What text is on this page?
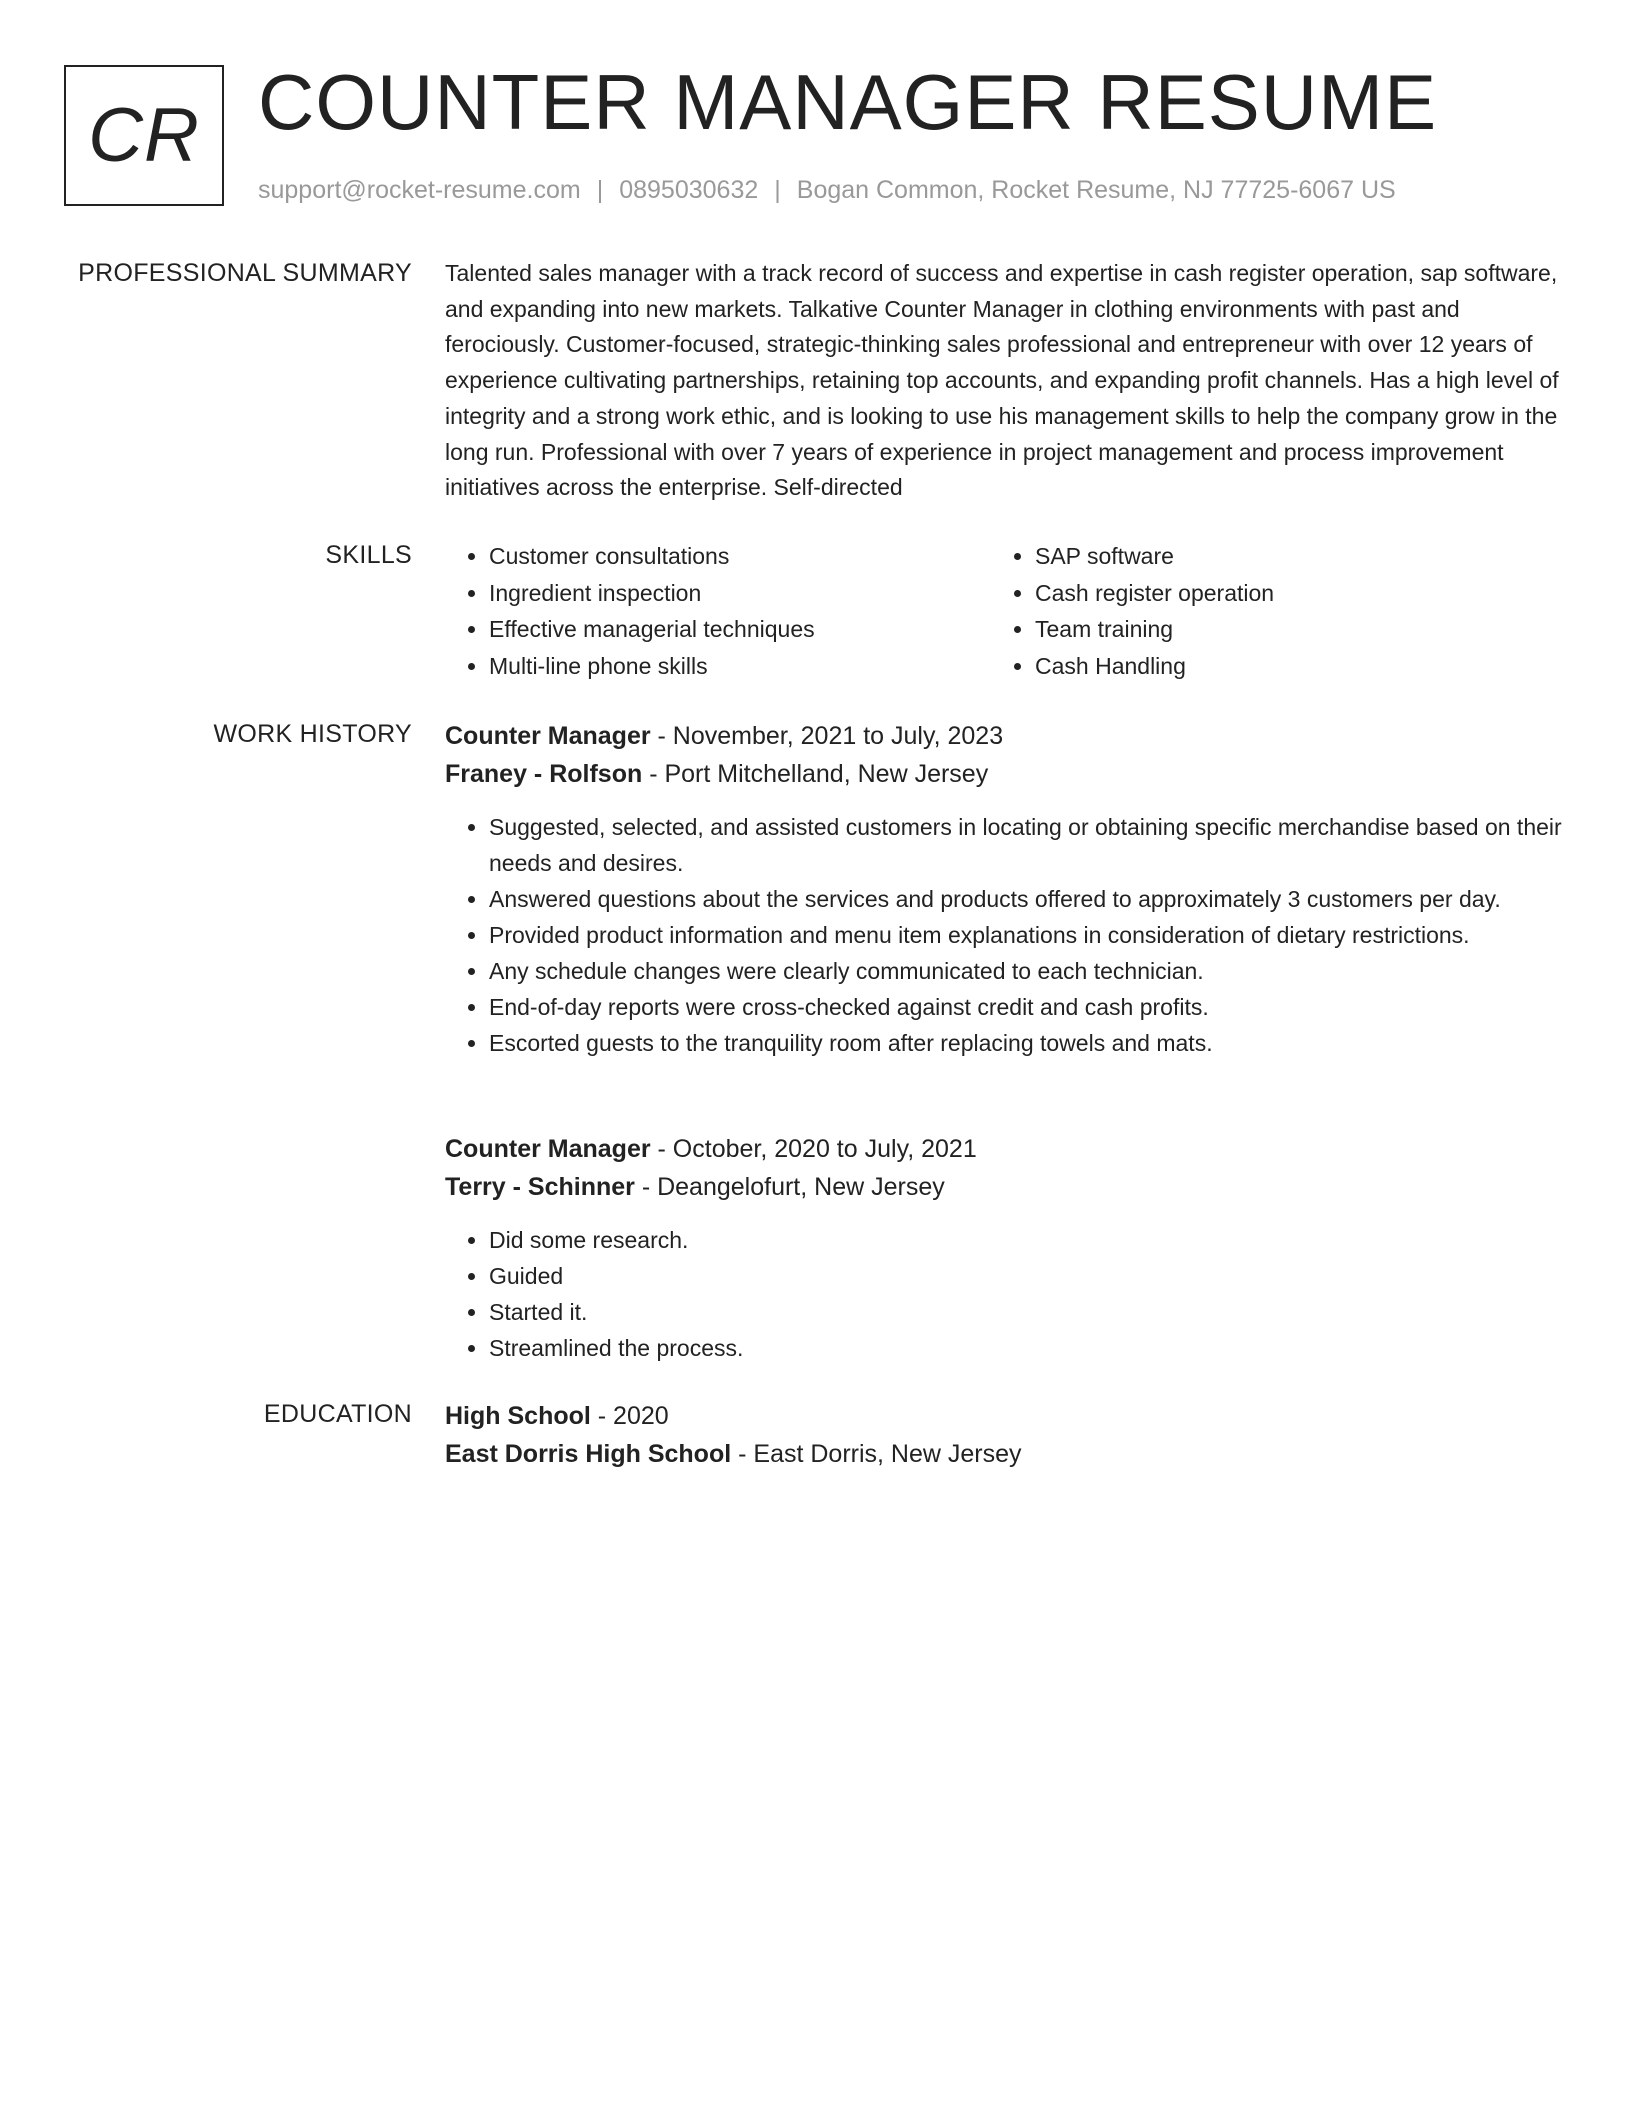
CR COUNTER MANAGER RESUME
support@rocket-resume.com | 0895030632 | Bogan Common, Rocket Resume, NJ 77725-6067 US
PROFESSIONAL SUMMARY Talented sales manager with a track record of success and expertise in cash register operation, sap software, and expanding into new markets. Talkative Counter Manager in clothing environments with past and ferociously. Customer-focused, strategic-thinking sales professional and entrepreneur with over 12 years of experience cultivating partnerships, retaining top accounts, and expanding profit channels. Has a high level of integrity and a strong work ethic, and is looking to use his management skills to help the company grow in the long run. Professional with over 7 years of experience in project management and process improvement initiatives across the enterprise. Self-directed

SKILLS
•	Customer consultations
• Ingredient inspection
• Effective managerial techniques
• Multi-line phone skills
• SAP software
• Cash register operation
• Team training
• Cash Handling
WORK HISTORY Counter Manager - November, 2021 to July, 2023
Franey - Rolfson - Port Mitchelland, New Jersey
• Suggested, selected, and assisted customers in locating or obtaining specific merchandise based on their needs and desires.
• Answered questions about the services and products offered to approximately 3 customers per day.
• Provided product information and menu item explanations in consideration of dietary restrictions.
• Any schedule changes were clearly communicated to each technician.
• End-of-day reports were cross-checked against credit and cash profits.
• Escorted guests to the tranquility room after replacing towels and mats.
Counter Manager - October, 2020 to July, 2021
Terry - Schinner - Deangelofurt, New Jersey
• Did some research.
• Guided
• Started it.
• Streamlined the process.
EDUCATION High School - 2020
East Dorris High School - East Dorris, New Jersey
